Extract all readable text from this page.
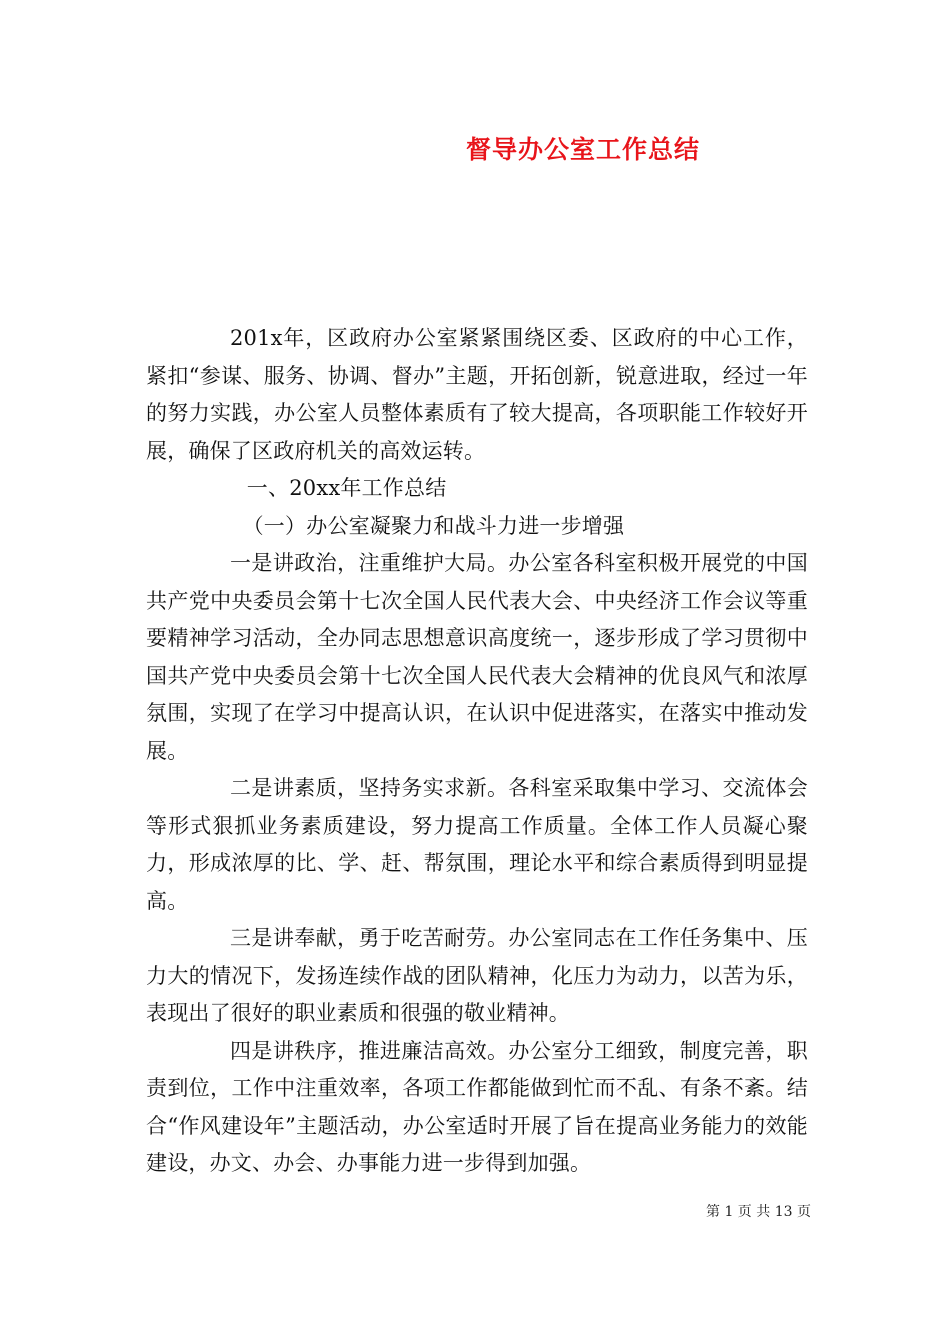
督导办公室工作总结

201x年，区政府办公室紧紧围绕区委、区政府的中心工作，紧扣“参谋、服务、协调、督办”主题，开拓创新，锐意进取，经过一年的努力实践，办公室人员整体素质有了较大提高，各项职能工作较好开展，确保了区政府机关的高效运转。

一、20xx年工作总结

（一）办公室凝聚力和战斗力进一步增强

一是讲政治，注重维护大局。办公室各科室积极开展党的中国共产党中央委员会第十七次全国人民代表大会、中央经济工作会议等重要精神学习活动，全办同志思想意识高度统一，逐步形成了学习贯彻中国共产党中央委员会第十七次全国人民代表大会精神的优良风气和浓厚氛围，实现了在学习中提高认识，在认识中促进落实，在落实中推动发展。

二是讲素质，坚持务实求新。各科室采取集中学习、交流体会等形式狠抓业务素质建设，努力提高工作质量。全体工作人员凝心聚力，形成浓厚的比、学、赶、帮氛围，理论水平和综合素质得到明显提高。

三是讲奉献，勇于吃苦耐劳。办公室同志在工作任务集中、压力大的情况下，发扬连续作战的团队精神，化压力为动力，以苦为乐，表现出了很好的职业素质和很强的敬业精神。

四是讲秩序，推进廉洁高效。办公室分工细致，制度完善，职责到位，工作中注重效率，各项工作都能做到忙而不乱、有条不紊。结合“作风建设年”主题活动，办公室适时开展了旨在提高业务能力的效能建设，办文、办会、办事能力进一步得到加强。

第 1 页 共 13 页
